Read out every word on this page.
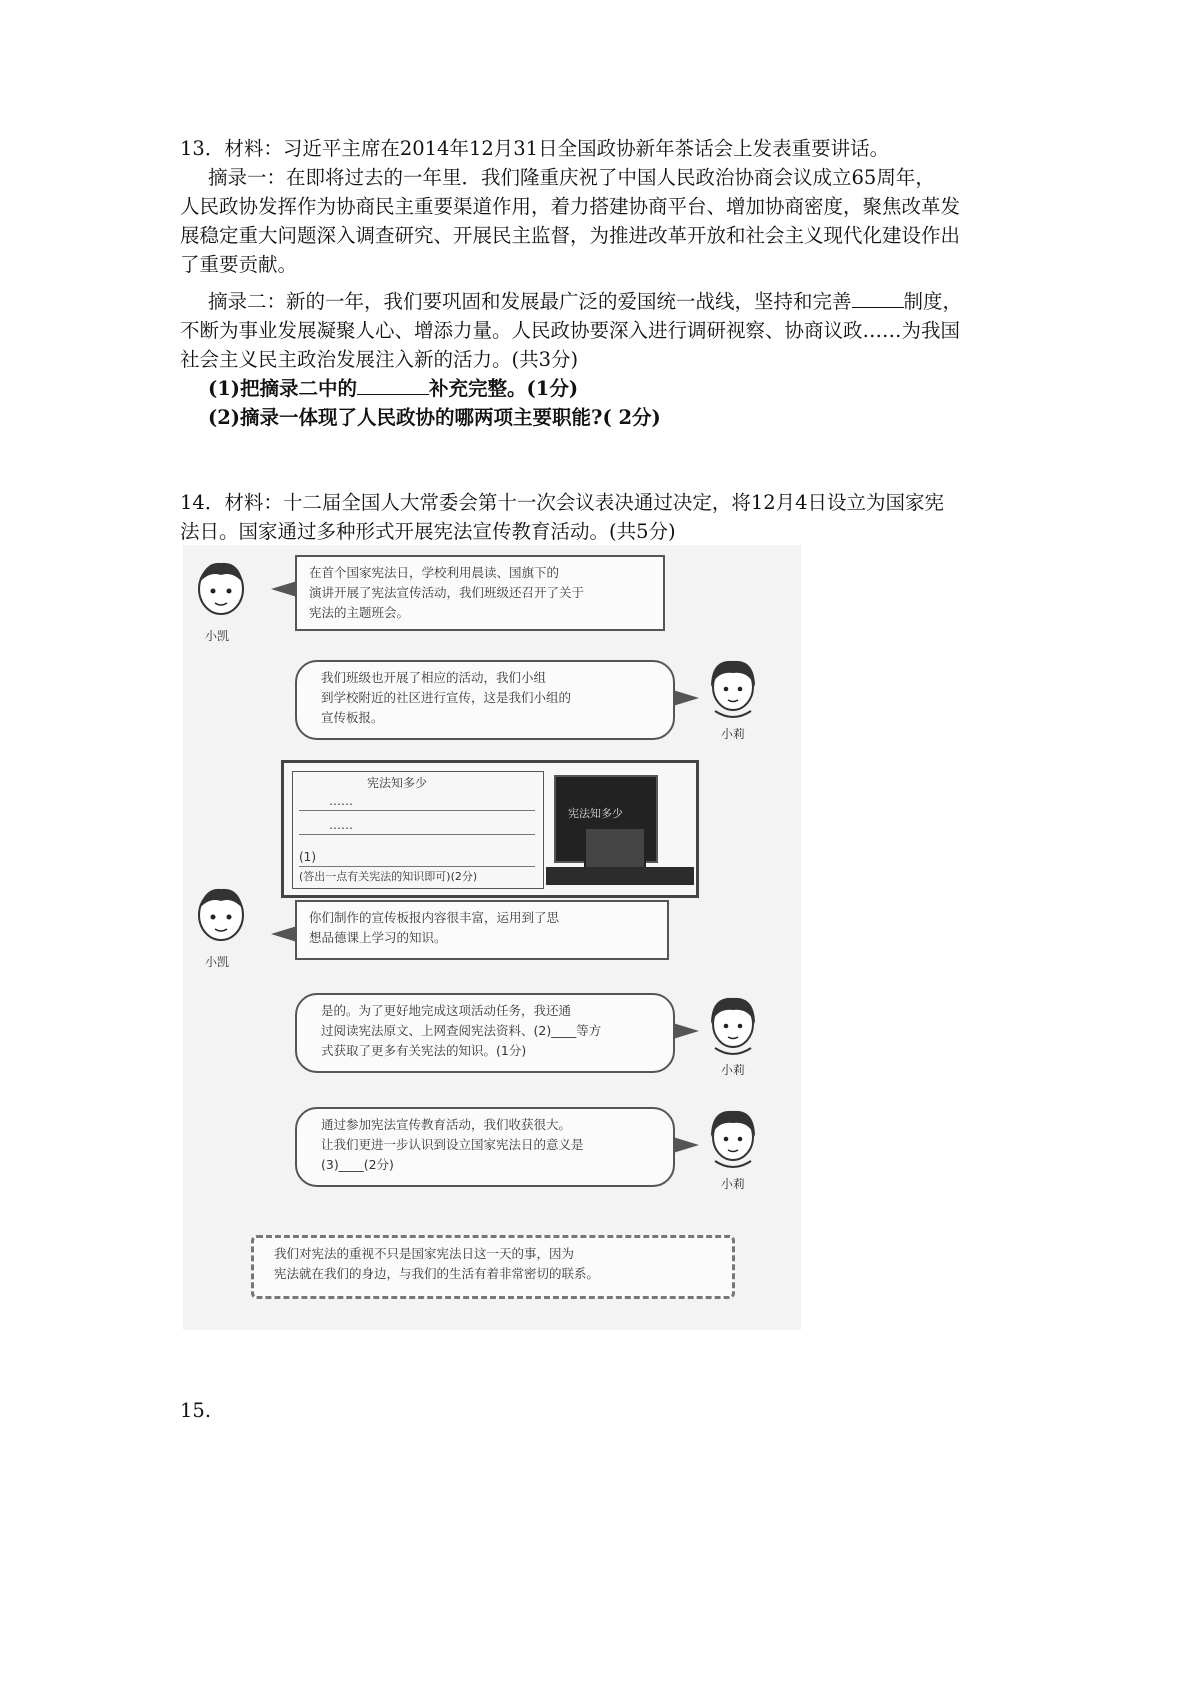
13．材料：习近平主席在2014年12月31日全国政协新年茶话会上发表重要讲话。
摘录一：在即将过去的一年里．我们隆重庆祝了中国人民政治协商会议成立65周年，
人民政协发挥作为协商民主重要渠道作用，着力搭建协商平台、增加协商密度，聚焦改革发
展稳定重大问题深入调查研究、开展民主监督，为推进改革开放和社会主义现代化建设作出
了重要贡献。
摘录二：新的一年，我们要巩固和发展最广泛的爱国统一战线，坚持和完善	制度，
不断为事业发展凝聚人心、增添力量。人民政协要深入进行调研视察、协商议政……为我国
社会主义民主政治发展注入新的活力。(共3分)
(1)把摘录二中的	补充完整。(1分)
(2)摘录一体现了人民政协的哪两项主要职能?( 2分)
14．材料：十二届全国人大常委会第十一次会议表决通过决定，将12月4日设立为国家宪
法日。国家通过多种形式开展宪法宣传教育活动。(共5分)
小凯
在首个国家宪法日，学校利用晨读、国旗下的
演讲开展了宪法宣传活动，我们班级还召开了关于
宪法的主题班会。
我们班级也开展了相应的活动，我们小组
到学校附近的社区进行宣传，这是我们小组的
宣传板报。
小莉
宪法知多少
……
……
(1)
(答出一点有关宪法的知识即可)(2分)
宪法知多少
小凯
你们制作的宣传板报内容很丰富，运用到了思
想品德课上学习的知识。
是的。为了更好地完成这项活动任务，我还通
过阅读宪法原文、上网查阅宪法资料、(2)____等方
式获取了更多有关宪法的知识。(1分)
小莉
通过参加宪法宣传教育活动，我们收获很大。
让我们更进一步认识到设立国家宪法日的意义是
(3)____(2分)
小莉
我们对宪法的重视不只是国家宪法日这一天的事，因为
宪法就在我们的身边，与我们的生活有着非常密切的联系。
15.
